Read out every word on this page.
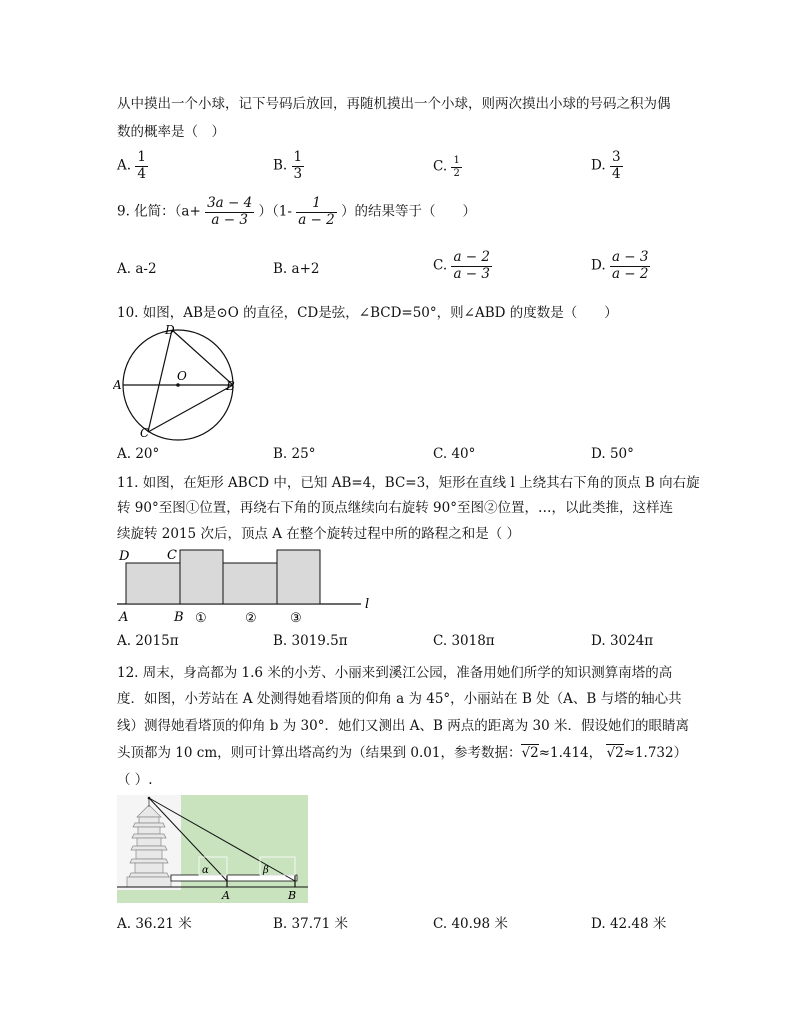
从中摸出一个小球，记下号码后放回，再随机摸出一个小球，则两次摸出小球的号码之积为偶
数的概率是（　）
A. $\frac{1}{4}$	B. $\frac{1}{3}$	C. $\frac{1}{2}$	D. $\frac{3}{4}$
9. 化简：$(a+ \frac{3a - 4}{a - 3} )(1- \frac{1}{a - 2}$ ）的结果等于（　　）
A. a-2	B. a+2	C. $\frac{a - 2}{a - 3}$	D. $\frac{a - 3}{a - 2}$
10. 如图，AB是⊙O 的直径，CD是弦，∠BCD=50°，则∠ABD 的度数是（　　）
D
O
A	B
C
A. 20°	B. 25°	C. 40°	D. 50°
11. 如图，在矩形 ABCD 中，已知 AB=4，BC=3，矩形在直线 l 上绕其右下角的顶点 B 向右旋
转 90°至图①位置，再绕右下角的顶点继续向右旋转 90°至图②位置，…，以此类推，这样连
续旋转 2015 次后，顶点 A 在整个旋转过程中所的路程之和是（ ）
D	C
A	B ①	②	③
l
A. 2015π	B. 3019.5π	C. 3018π	D. 3024π
12. 周末，身高都为 1.6 米的小芳、小丽来到溪江公园，准备用她们所学的知识测算南塔的高
度．如图，小芳站在 A 处测得她看塔顶的仰角 a 为 45°，小丽站在 B 处（A、B 与塔的轴心共
线）测得她看塔顶的仰角 b 为 30°．她们又测出 A、B 两点的距离为 30 米．假设她们的眼睛离
头顶都为 10 cm，则可计算出塔高约为（结果到 0.01，参考数据：√2≈1.414， √2≈1.732）
（ ）.
α	β
A	B
A. 36.21 米	B. 37.71 米	C. 40.98 米	D. 42.48 米
